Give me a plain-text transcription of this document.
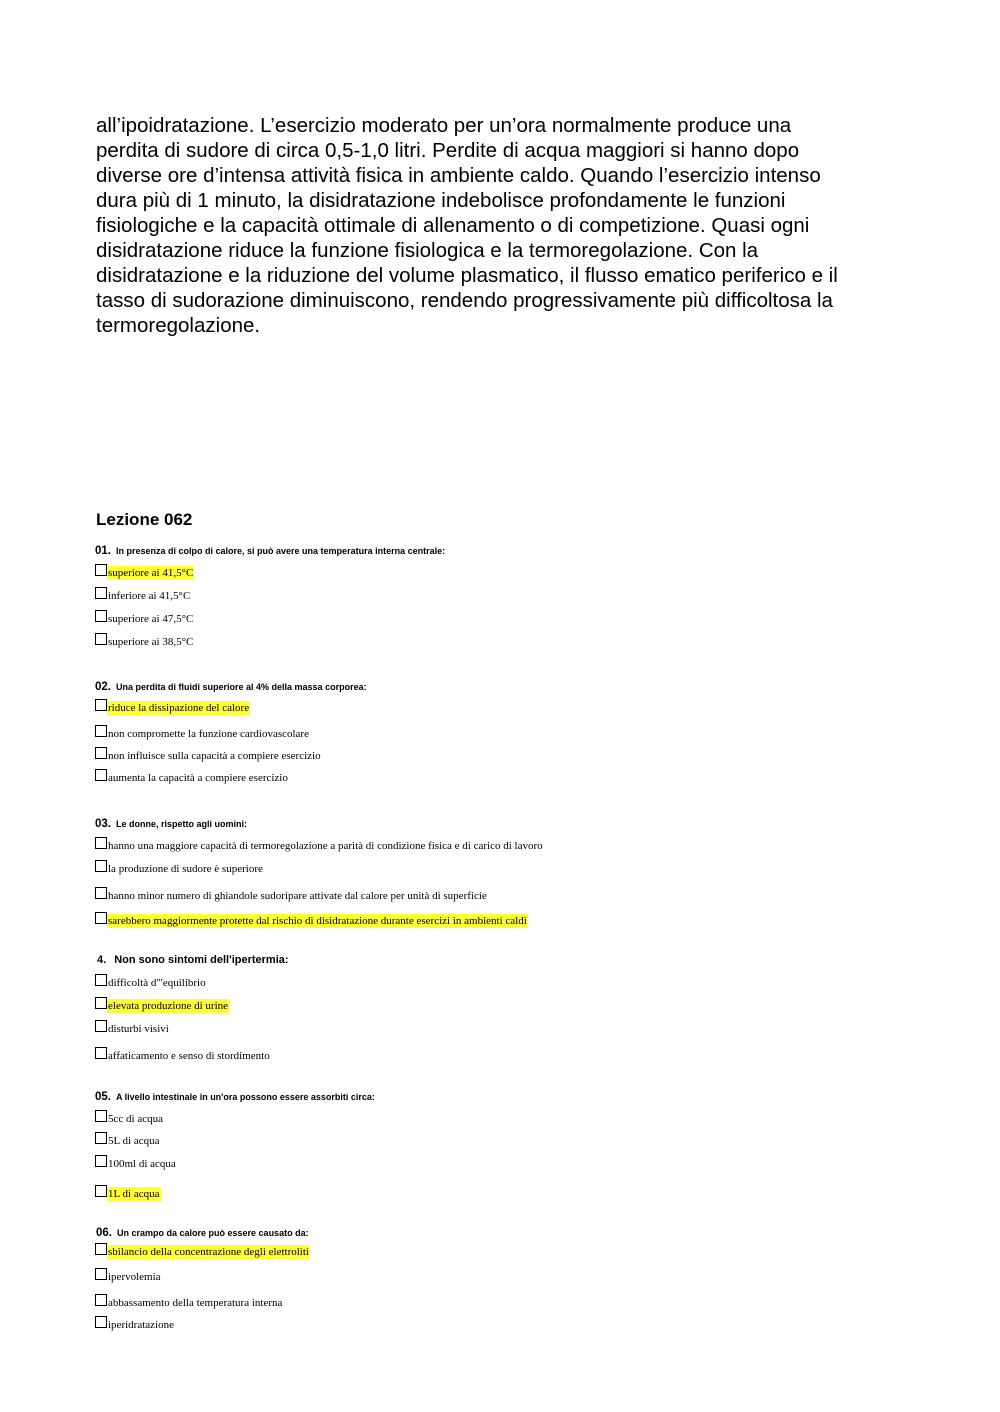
· · · ·

all’ipoidratazione. L’esercizio moderato per un’ora normalmente produce una perdita di sudore di circa 0,5-1,0 litri. Perdite di acqua maggiori si hanno dopo diverse ore d’intensa attività fisica in ambiente caldo. Quando l’esercizio intenso dura più di 1 minuto, la disidratazione indebolisce profondamente le funzioni fisiologiche e la capacità ottimale di allenamento o di competizione. Quasi ogni disidratazione riduce la funzione fisiologica e la termoregolazione. Con la disidratazione e la riduzione del volume plasmatico, il flusso ematico periferico e il tasso di sudorazione diminuiscono, rendendo progressivamente più difficoltosa la termoregolazione.

Lezione 062
01. In presenza di colpo di calore, si può avere una temperatura interna centrale:
superiore ai 41,5°C
inferiore ai 41,5°C
superiore ai 47,5°C
superiore ai 38,5°C
02. Una perdita di fluidi superiore al 4% della massa corporea:
riduce la dissipazione del calore
non compromette la funzione cardiovascolare
non influisce sulla capacità a compiere esercizio
aumenta la capacità a compiere esercizio
03. Le donne, rispetto agli uomini:
hanno una maggiore capacità di termoregolazione a parità di condizione fisica e di carico di lavoro
la produzione di sudore è superiore
hanno minor numero di ghiandole sudoripare attivate dal calore per unità di superficie
sarebbero maggiormente protette dal rischio di disidratazione durante esercizi in ambienti caldi
4. Non sono sintomi dell'ipertermia:
difficoltà d'"equilibrio
elevata produzione di urine
disturbi visivi
affaticamento e senso di stordimento
05. A livello intestinale in un'ora possono essere assorbiti circa:
5cc di acqua
5L di acqua
100ml di acqua
1L di acqua
06. Un crampo da calore può essere causato da:
sbilancio della concentrazione degli elettroliti
ipervolemia
abbassamento della temperatura interna
iperidratazione
